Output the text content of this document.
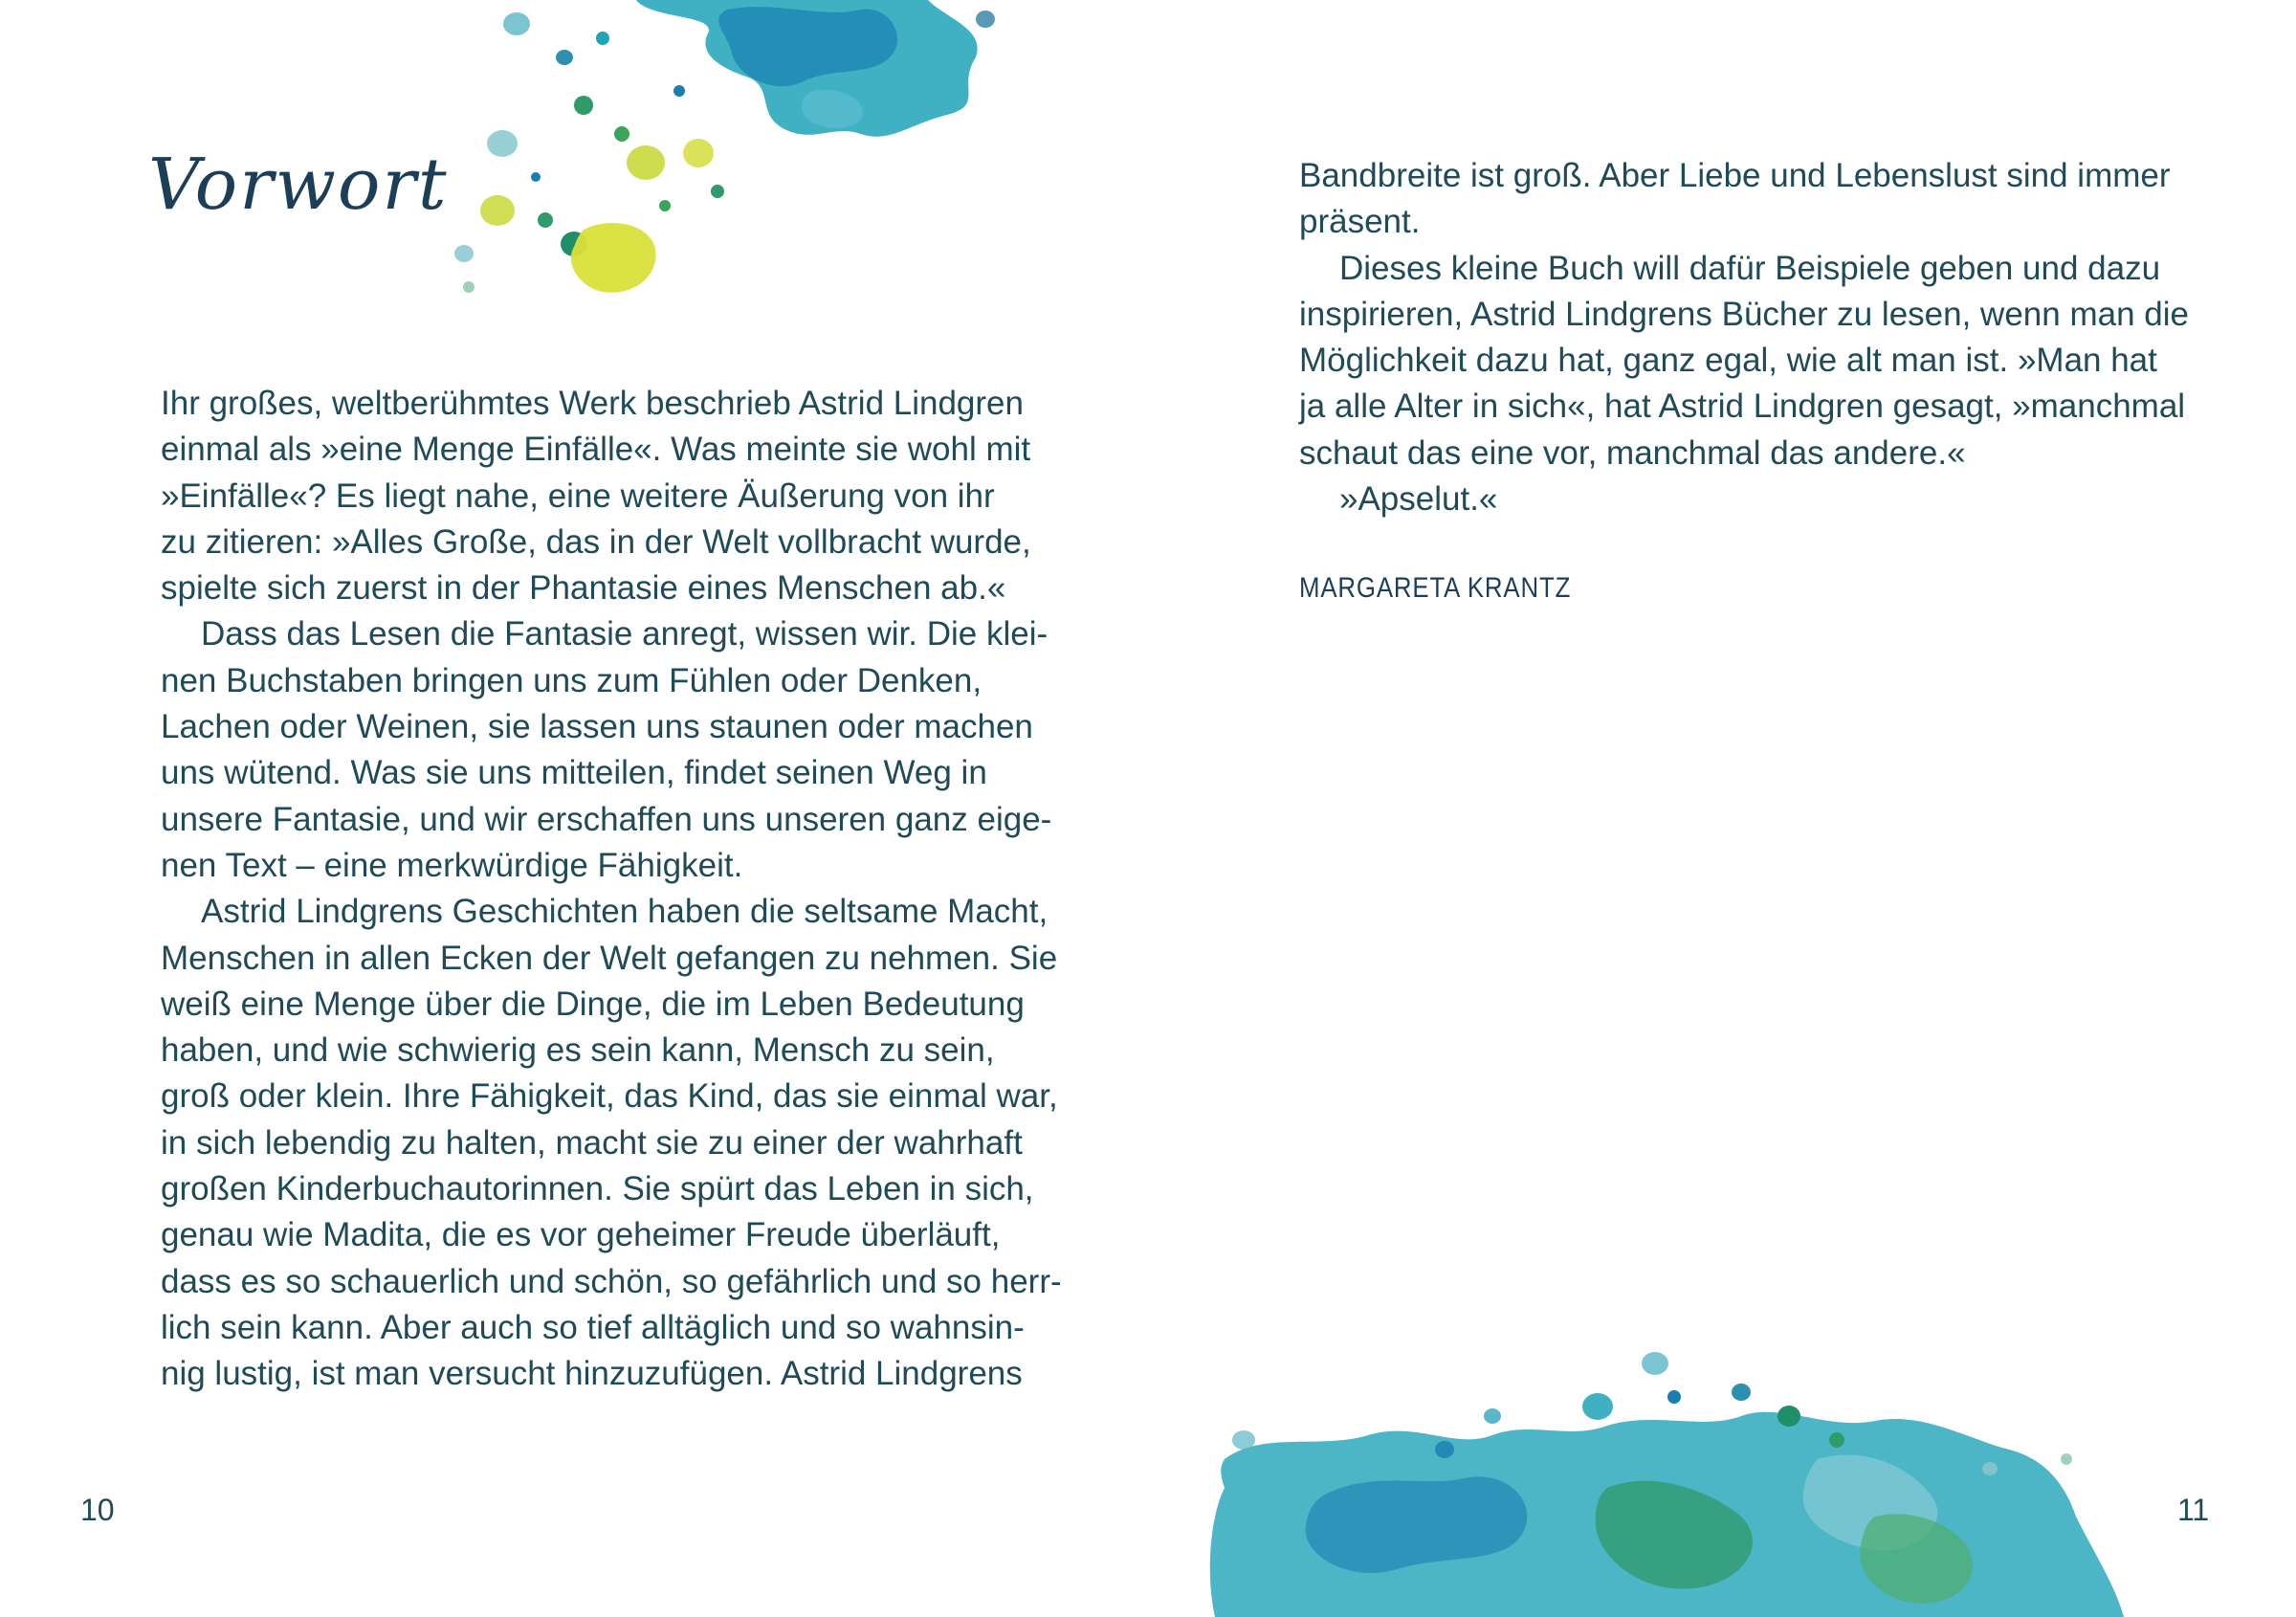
Vorwort
Ihr großes, weltberühmtes Werk beschrieb Astrid Lindgren
einmal als »eine Menge Einfälle«. Was meinte sie wohl mit
»Einfälle«? Es liegt nahe, eine weitere Äußerung von ihr
zu zitieren: »Alles Große, das in der Welt vollbracht wurde,
spielte sich zuerst in der Phantasie eines Menschen ab.«
Dass das Lesen die Fantasie anregt, wissen wir. Die klei-
nen Buchstaben bringen uns zum Fühlen oder Denken,
Lachen oder Weinen, sie lassen uns staunen oder machen
uns wütend. Was sie uns mitteilen, findet seinen Weg in
unsere Fantasie, und wir erschaffen uns unseren ganz eige-
nen Text – eine merkwürdige Fähigkeit.
Astrid Lindgrens Geschichten haben die seltsame Macht,
Menschen in allen Ecken der Welt gefangen zu nehmen. Sie
weiß eine Menge über die Dinge, die im Leben Bedeutung
haben, und wie schwierig es sein kann, Mensch zu sein,
groß oder klein. Ihre Fähigkeit, das Kind, das sie einmal war,
in sich lebendig zu halten, macht sie zu einer der wahrhaft
großen Kinderbuchautorinnen. Sie spürt das Leben in sich,
genau wie Madita, die es vor geheimer Freude überläuft,
dass es so schauerlich und schön, so gefährlich und so herr-
lich sein kann. Aber auch so tief alltäglich und so wahnsin-
nig lustig, ist man versucht hinzuzufügen. Astrid Lindgrens
Bandbreite ist groß. Aber Liebe und Lebenslust sind immer
präsent.
Dieses kleine Buch will dafür Beispiele geben und dazu
inspirieren, Astrid Lindgrens Bücher zu lesen, wenn man die
Möglichkeit dazu hat, ganz egal, wie alt man ist. »Man hat
ja alle Alter in sich«, hat Astrid Lindgren gesagt, »manchmal
schaut das eine vor, manchmal das andere.«
»Apselut.«
MARGARETA KRANTZ
10	11
